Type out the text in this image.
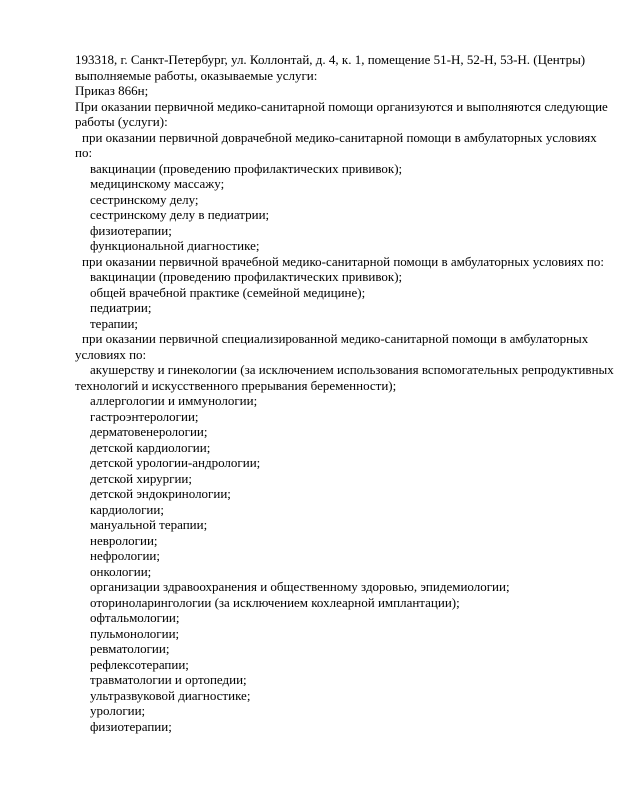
193318, г. Санкт-Петербург, ул. Коллонтай, д. 4, к. 1, помещение 51-Н, 52-Н, 53-Н. (Центры)
выполняемые работы, оказываемые услуги:
Приказ 866н;
При оказании первичной медико-санитарной помощи организуются и выполняются следующие
работы (услуги):
при оказании первичной доврачебной медико-санитарной помощи в амбулаторных условиях
по:
вакцинации (проведению профилактических прививок);
медицинскому массажу;
сестринскому делу;
сестринскому делу в педиатрии;
физиотерапии;
функциональной диагностике;
при оказании первичной врачебной медико-санитарной помощи в амбулаторных условиях по:
вакцинации (проведению профилактических прививок);
общей врачебной практике (семейной медицине);
педиатрии;
терапии;
при оказании первичной специализированной медико-санитарной помощи в амбулаторных
условиях по:
акушерству и гинекологии (за исключением использования вспомогательных репродуктивных
технологий и искусственного прерывания беременности);
аллергологии и иммунологии;
гастроэнтерологии;
дерматовенерологии;
детской кардиологии;
детской урологии-андрологии;
детской хирургии;
детской эндокринологии;
кардиологии;
мануальной терапии;
неврологии;
нефрологии;
онкологии;
организации здравоохранения и общественному здоровью, эпидемиологии;
оториноларингологии (за исключением кохлеарной имплантации);
офтальмологии;
пульмонологии;
ревматологии;
рефлексотерапии;
травматологии и ортопедии;
ультразвуковой диагностике;
урологии;
физиотерапии;
